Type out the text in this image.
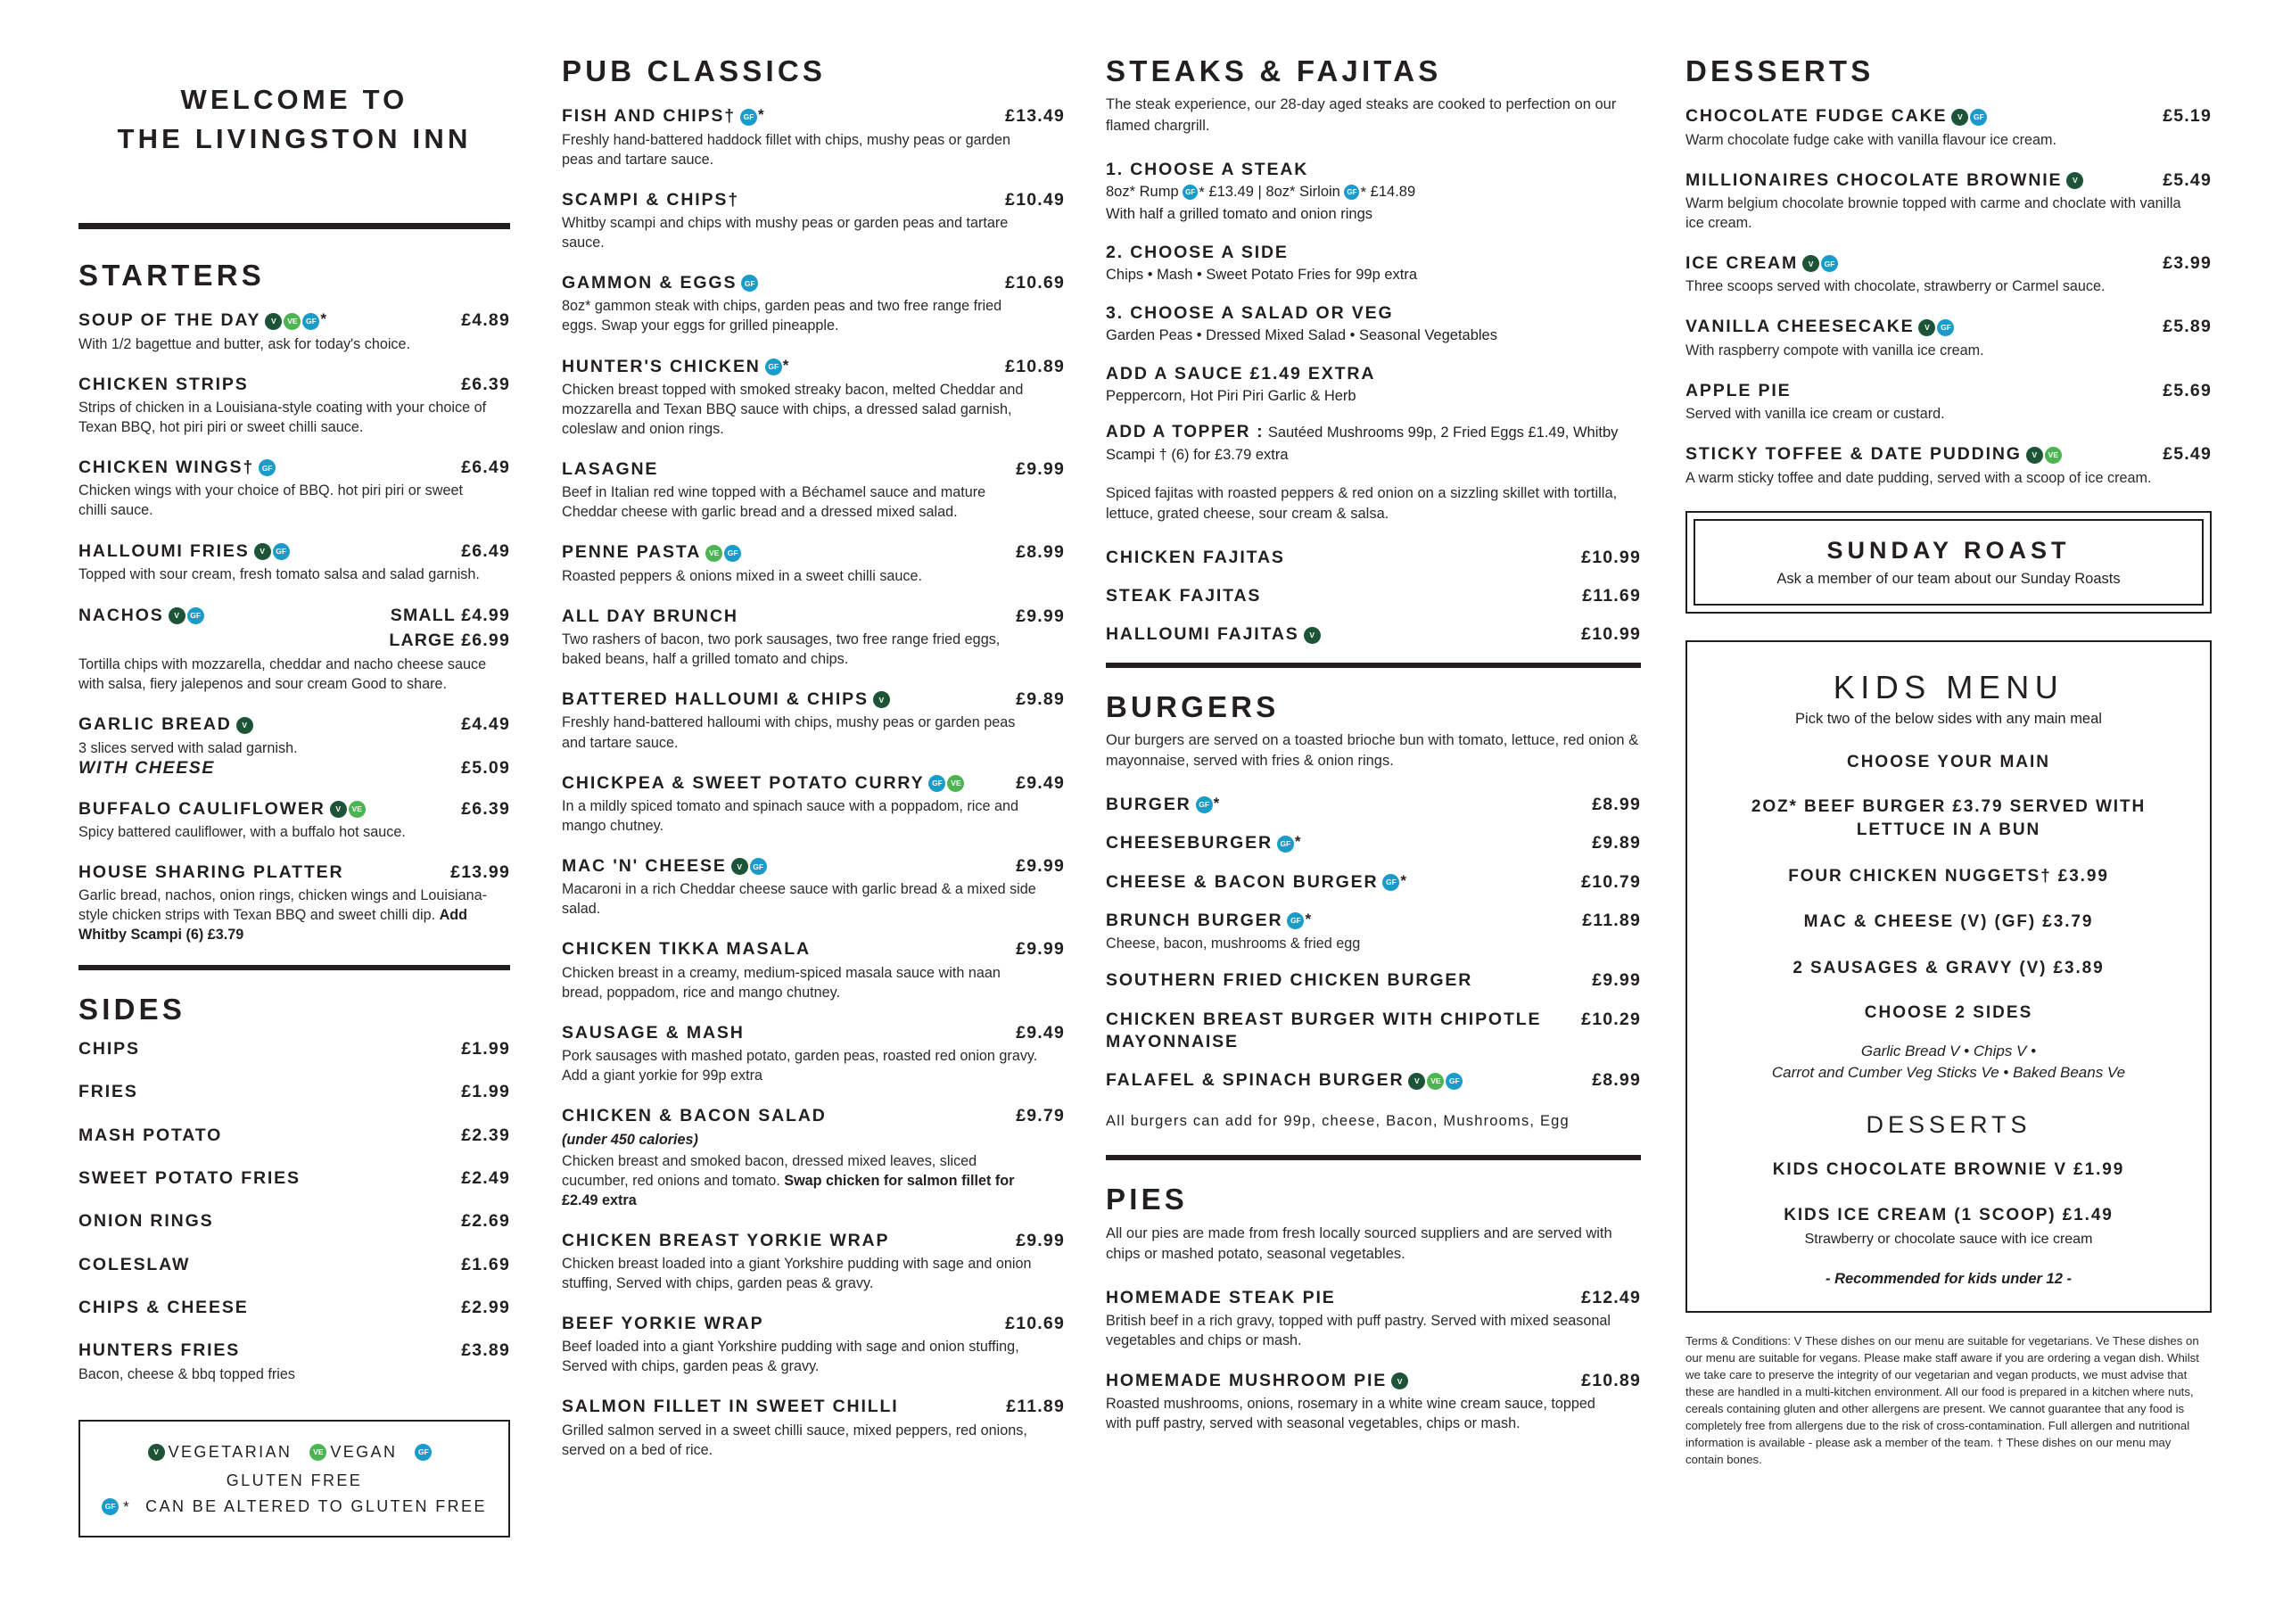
WELCOME TO
THE LIVINGSTON INN
STARTERS
SOUP OF THE DAY	V	VE	GF *	£4.89
With 1/2 bagettue and butter, ask for today's choice.
CHICKEN STRIPS	£6.39
Strips of chicken in a Louisiana-style coating with your choice of Texan BBQ, hot piri piri or sweet chilli sauce.
CHICKEN WINGS†	GF	£6.49
Chicken wings with your choice of BBQ. hot piri piri or sweet chilli sauce.
HALLOUMI FRIES	V	GF	£6.49
Topped with sour cream, fresh tomato salsa and salad garnish.
NACHOS	V	GF	SMALL £4.99
LARGE £6.99
Tortilla chips with mozzarella, cheddar and nacho cheese sauce with salsa, fiery jalepenos and sour cream Good to share.
GARLIC BREAD	V	£4.49
3 slices served with salad garnish.
WITH CHEESE	£5.09
BUFFALO CAULIFLOWER	V	VE	£6.39
Spicy battered cauliflower, with a buffalo hot sauce.
HOUSE SHARING PLATTER	£13.99
Garlic bread, nachos, onion rings, chicken wings and Louisiana-style chicken strips with Texan BBQ and sweet chilli dip. Add Whitby Scampi (6) £3.79
SIDES
CHIPS	£1.99
FRIES	£1.99
MASH POTATO	£2.39
SWEET POTATO FRIES	£2.49
ONION RINGS	£2.69
COLESLAW	£1.69
CHIPS & CHEESE	£2.99
HUNTERS FRIES	£3.89
Bacon, cheese & bbq topped fries
V VEGETARIAN	VE VEGAN	GF
GLUTEN FREE
GF * CAN BE ALTERED TO GLUTEN FREE
PUB CLASSICS
FISH AND CHIPS†	GF *	£13.49
Freshly hand-battered haddock fillet with chips, mushy peas or garden peas and tartare sauce.
SCAMPI & CHIPS†	£10.49
Whitby scampi and chips with mushy peas or garden peas and tartare sauce.
GAMMON & EGGS	GF	£10.69
8oz* gammon steak with chips, garden peas and two free range fried eggs. Swap your eggs for grilled pineapple.
HUNTER'S CHICKEN	GF *	£10.89
Chicken breast topped with smoked streaky bacon, melted Cheddar and mozzarella and Texan BBQ sauce with chips, a dressed salad garnish, coleslaw and onion rings.
LASAGNE	£9.99
Beef in Italian red wine topped with a Béchamel sauce and mature Cheddar cheese with garlic bread and a dressed mixed salad.
PENNE PASTA	VE	GF	£8.99
Roasted peppers & onions mixed in a sweet chilli sauce.
ALL DAY BRUNCH	£9.99
Two rashers of bacon, two pork sausages, two free range fried eggs, baked beans, half a grilled tomato and chips.
BATTERED HALLOUMI & CHIPS	V	£9.89
Freshly hand-battered halloumi with chips, mushy peas or garden peas and tartare sauce.
CHICKPEA & SWEET POTATO CURRY	GF	VE	£9.49
In a mildly spiced tomato and spinach sauce with a poppadom, rice and mango chutney.
MAC 'N' CHEESE	V	GF	£9.99
Macaroni in a rich Cheddar cheese sauce with garlic bread & a mixed side salad.
CHICKEN TIKKA MASALA	£9.99
Chicken breast in a creamy, medium-spiced masala sauce with naan bread, poppadom, rice and mango chutney.
SAUSAGE & MASH	£9.49
Pork sausages with mashed potato, garden peas, roasted red onion gravy. Add a giant yorkie for 99p extra
CHICKEN & BACON SALAD	£9.79
(under 450 calories)
Chicken breast and smoked bacon, dressed mixed leaves, sliced cucumber, red onions and tomato. Swap chicken for salmon fillet for £2.49 extra
CHICKEN BREAST YORKIE WRAP	£9.99
Chicken breast loaded into a giant Yorkshire pudding with sage and onion stuffing, Served with chips, garden peas & gravy.
BEEF YORKIE WRAP	£10.69
Beef loaded into a giant Yorkshire pudding with sage and onion stuffing, Served with chips, garden peas & gravy.
SALMON FILLET IN SWEET CHILLI	£11.89
Grilled salmon served in a sweet chilli sauce, mixed peppers, red onions, served on a bed of rice.
STEAKS & FAJITAS
The steak experience, our 28-day aged steaks are cooked to perfection on our flamed chargrill.
1. CHOOSE A STEAK
8oz* Rump GF * £13.49 | 8oz* Sirloin GF * £14.89
With half a grilled tomato and onion rings
2. CHOOSE A SIDE
Chips • Mash • Sweet Potato Fries for 99p extra
3. CHOOSE A SALAD OR VEG
Garden Peas • Dressed Mixed Salad • Seasonal Vegetables
ADD A SAUCE £1.49 EXTRA
Peppercorn, Hot Piri Piri Garlic & Herb
ADD A TOPPER : Sautéed Mushrooms 99p, 2 Fried Eggs £1.49, Whitby Scampi † (6) for £3.79 extra
Spiced fajitas with roasted peppers & red onion on a sizzling skillet with tortilla, lettuce, grated cheese, sour cream & salsa.
CHICKEN FAJITAS	£10.99
STEAK FAJITAS	£11.69
HALLOUMI FAJITAS	V	£10.99
BURGERS
Our burgers are served on a toasted brioche bun with tomato, lettuce, red onion & mayonnaise, served with fries & onion rings.
BURGER	GF *	£8.99
CHEESEBURGER	GF *	£9.89
CHEESE & BACON BURGER	GF *	£10.79
BRUNCH BURGER	GF *	£11.89
Cheese, bacon, mushrooms & fried egg
SOUTHERN FRIED CHICKEN BURGER	£9.99
CHICKEN BREAST BURGER WITH CHIPOTLE MAYONNAISE
£10.29
FALAFEL & SPINACH BURGER	V	VE	GF	£8.99
All burgers can add for 99p, cheese, Bacon, Mushrooms, Egg
PIES
All our pies are made from fresh locally sourced suppliers and are served with chips or mashed potato, seasonal vegetables.
HOMEMADE STEAK PIE	£12.49
British beef in a rich gravy, topped with puff pastry. Served with mixed seasonal vegetables and chips or mash.
HOMEMADE MUSHROOM PIE	V	£10.89
Roasted mushrooms, onions, rosemary in a white wine cream sauce, topped with puff pastry, served with seasonal vegetables, chips or mash.
DESSERTS
CHOCOLATE FUDGE CAKE	V	GF	£5.19
Warm chocolate fudge cake with vanilla flavour ice cream.
MILLIONAIRES CHOCOLATE BROWNIE	V	£5.49
Warm belgium chocolate brownie topped with carme and choclate with vanilla ice cream.
ICE CREAM	V	GF	£3.99
Three scoops served with chocolate, strawberry or Carmel sauce.
VANILLA CHEESECAKE	V	GF	£5.89
With raspberry compote with vanilla ice cream.
APPLE PIE	£5.69
Served with vanilla ice cream or custard.
STICKY TOFFEE & DATE PUDDING	V	VE	£5.49
A warm sticky toffee and date pudding, served with a scoop of ice cream.
SUNDAY ROAST
Ask a member of our team about our Sunday Roasts
KIDS MENU
Pick two of the below sides with any main meal
CHOOSE YOUR MAIN
2OZ* BEEF BURGER £3.79 SERVED WITH LETTUCE IN A BUN
FOUR CHICKEN NUGGETS† £3.99
MAC & CHEESE (V) (GF) £3.79
2 SAUSAGES & GRAVY (V) £3.89
CHOOSE 2 SIDES
Garlic Bread V • Chips V •
Carrot and Cumber Veg Sticks Ve • Baked Beans Ve
DESSERTS
KIDS CHOCOLATE BROWNIE V £1.99
KIDS ICE CREAM (1 SCOOP) £1.49
Strawberry or chocolate sauce with ice cream
- Recommended for kids under 12 -
Terms & Conditions: V These dishes on our menu are suitable for vegetarians. Ve These dishes on our menu are suitable for vegans. Please make staff aware if you are ordering a vegan dish. Whilst we take care to preserve the integrity of our vegetarian and vegan products, we must advise that these are handled in a multi-kitchen environment. All our food is prepared in a kitchen where nuts, cereals containing gluten and other allergens are present. We cannot guarantee that any food is completely free from allergens due to the risk of cross-contamination. Full allergen and nutritional information is available - please ask a member of the team. † These dishes on our menu may contain bones.
